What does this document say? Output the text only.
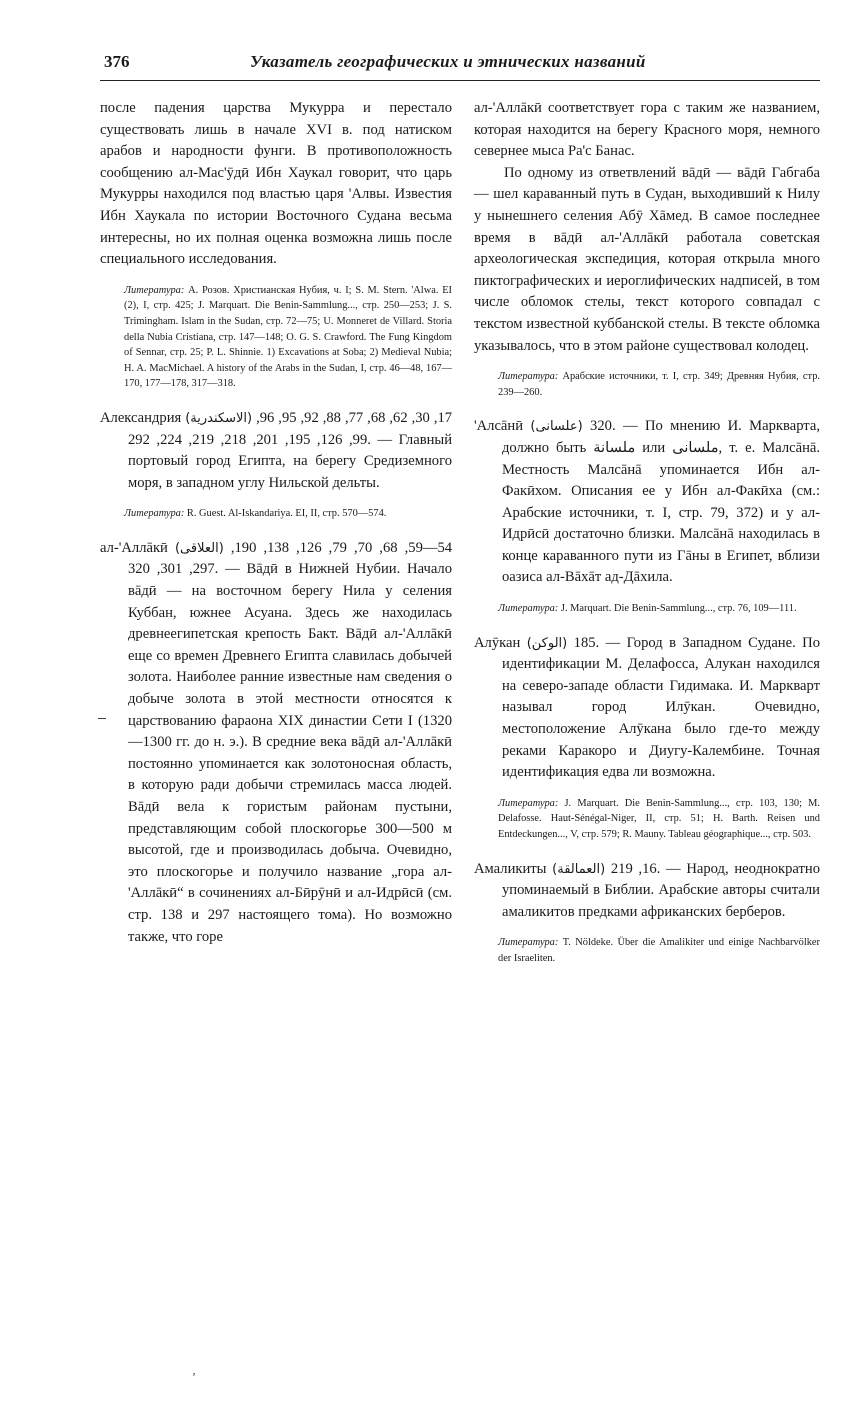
376	Указатель географических и этнических названий

после падения царства Мукурра и перестало существовать лишь в начале XVI в. под натиском арабов и народности фунги. В противоположность сообщению ал-Мас'ӯдӣ Ибн Хаукал говорит, что царь Мукурры находился под властью царя 'Алвы. Известия Ибн Хаукала по истории Восточного Судана весьма интересны, но их полная оценка возможна лишь после специального исследования.

Литература: А. Розов. Христианская Нубия, ч. I; S. M. Stern. 'Alwa. EI (2), I, стр. 425; J. Marquart. Die Benin-Sammlung..., стр. 250—253; J. S. Trimingham. Islam in the Sudan, стр. 72—75; U. Monneret de Villard. Storia della Nubia Cristiana, стр. 147—148; O. G. S. Crawford. The Fung Kingdom of Sennar, стр. 25; P. L. Shinnie. 1) Excavations at Soba; 2) Medieval Nubia; H. A. MacMichael. A history of the Arabs in the Sudan, I, стр. 46—48, 167—170, 177—178, 317—318.

Александрия (الاسكندرية) 17, 30, 62, 68, 77, 88, 92, 95, 96, 99, 126, 195, 201, 218, 219, 224, 292. — Главный портовый город Египта, на берегу Средиземного моря, в западном углу Нильской дельты.

Литература: R. Guest. Al-Iskandariya. EI, II, стр. 570—574.

ал-'Аллāкӣ (العلاقى) 54—59, 68, 70, 79, 126, 138, 190, 297, 301, 320. — Вāдӣ в Нижней Нубии. Начало вāдӣ — на восточном берегу Нила у селения Куббан, южнее Асуана. Здесь же находилась древнеегипетская крепость Бакт. Вāдӣ ал-'Аллāкӣ еще со времен Древнего Египта славилась добычей золота. Наиболее ранние известные нам сведения о добыче золота в этой местности относятся к царствованию фараона XIX династии Сети I (1320—1300 гг. до н. э.). В средние века вāдӣ ал-'Аллāкӣ постоянно упоминается как золотоносная область, в которую ради добычи стремилась масса людей. Вāдӣ вела к гористым районам пустыни, представляющим собой плоскогорье 300—500 м высотой, где и производилась добыча. Очевидно, это плоскогорье и получило название „гора ал-'Аллāкӣ“ в сочинениях ал-Бӣрӯнӣ и ал-Идрӣсӣ (см. стр. 138 и 297 настоящего тома). Но возможно также, что горе

ал-'Аллāкӣ соответствует гора с таким же названием, которая находится на берегу Красного моря, немного севернее мыса Ра'с Банас.

По одному из ответвлений вāдӣ — вāдӣ Габгаба — шел караванный путь в Судан, выходивший к Нилу у нынешнего селения Абӯ Хāмед. В самое последнее время в вāдӣ ал-'Аллāкӣ работала советская археологическая экспедиция, которая открыла много пиктографических и иероглифических надписей, в том числе обломок стелы, текст которого совпадал с текстом известной куббанской стелы. В тексте обломка указывалось, что в этом районе существовал колодец.

Литература: Арабские источники, т. I, стр. 349; Древняя Нубия, стр. 239—260.

'Алсāнӣ (علسانى) 320. — По мнению И. Маркварта, должно быть ملسانة или ملسانى, т. е. Малсāнā. Местность Малсāнā упоминается Ибн ал-Факӣхом. Описания ее у Ибн ал-Факӣха (см.: Арабские источники, т. I, стр. 79, 372) и у ал-Идрӣсӣ достаточно близки. Малсāнā находилась в конце караванного пути из Гāны в Египет, вблизи оазиса ал-Вāхāт ад-Дāхила.

Литература: J. Marquart. Die Benin-Sammlung..., стр. 76, 109—111.

Алӯкан (الوكن) 185. — Город в Западном Судане. По идентификации М. Делафосса, Алукан находился на северо-западе области Гидимака. И. Маркварт называл город Илӯкан. Очевидно, местоположение Алӯкана было где-то между реками Каракоро и Диугу-Калембине. Точная идентификация едва ли возможна.

Литература: J. Marquart. Die Benin-Sammlung..., стр. 103, 130; M. Delafosse. Haut-Sénégal-Niger, II, стр. 51; H. Barth. Reisen und Entdeckungen..., V, стр. 579; R. Mauny. Tableau géographique..., стр. 503.

Амаликиты (العمالقة) 16, 219. — Народ, неоднократно упоминаемый в Библии. Арабские авторы считали амаликитов предками африканских берберов.

Литература: T. Nöldeke. Über die Amalikiter und einige Nachbarvölker der Israeliten.

ʼ
